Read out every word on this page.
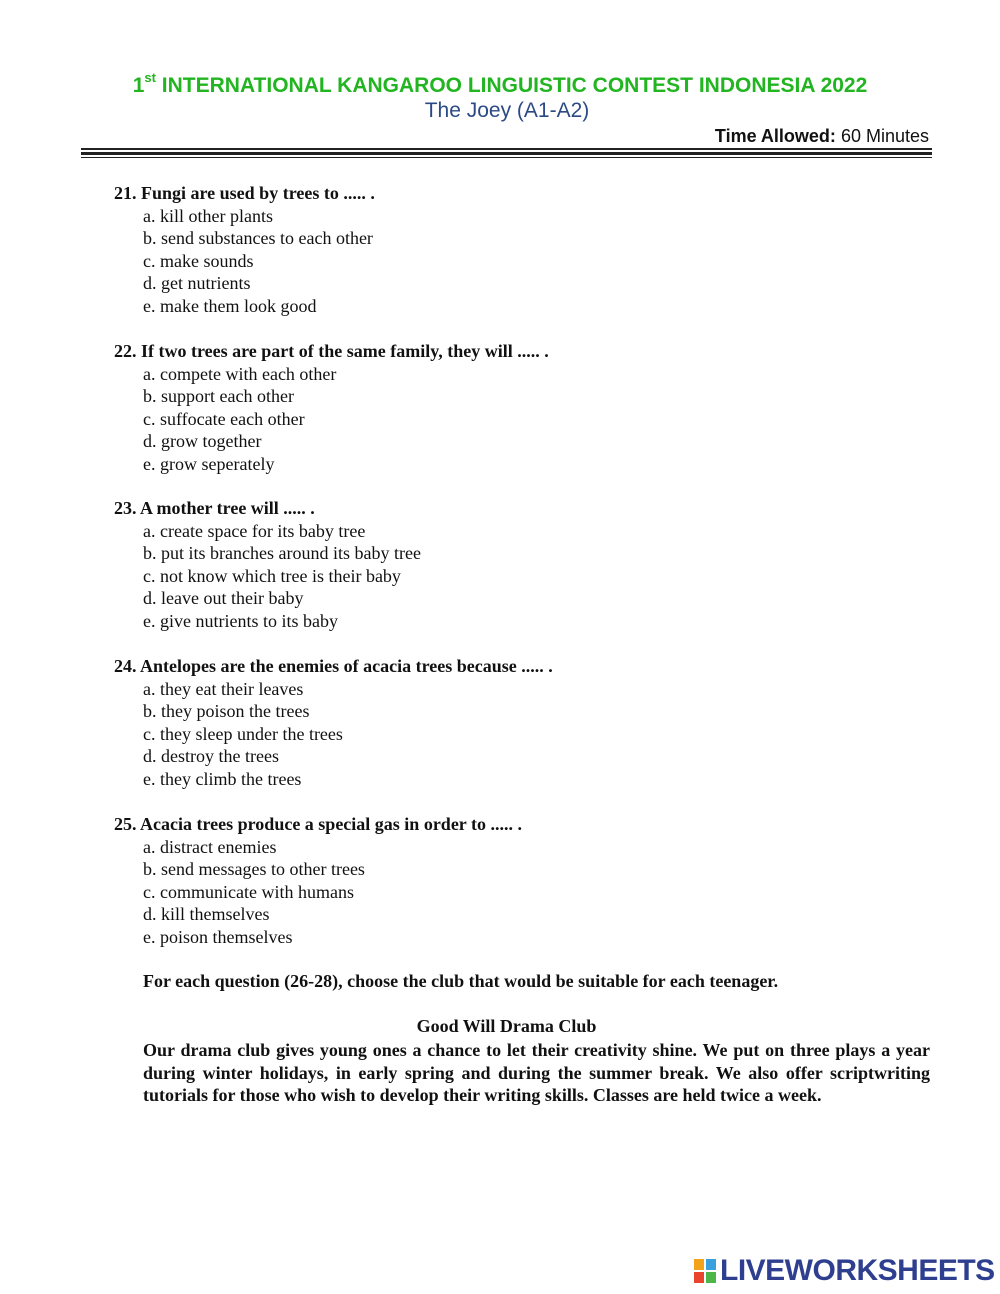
1st INTERNATIONAL KANGAROO LINGUISTIC CONTEST INDONESIA 2022
The Joey (A1-A2)
Time Allowed: 60 Minutes
21. Fungi are used by trees to ..... .
a. kill other plants
b. send substances to each other
c. make sounds
d. get nutrients
e. make them look good
22. If two trees are part of the same family, they will ..... .
a. compete with each other
b. support each other
c. suffocate each other
d. grow together
e. grow seperately
23. A mother tree will ..... .
a. create space for its baby tree
b. put its branches around its baby tree
c. not know which tree is their baby
d. leave out their baby
e. give nutrients to its baby
24. Antelopes are the enemies of acacia trees because ..... .
a. they eat their leaves
b. they poison the trees
c. they sleep under the trees
d. destroy the trees
e. they climb the trees
25. Acacia trees produce a special gas in order to ..... .
a. distract enemies
b. send messages to other trees
c. communicate with humans
d. kill themselves
e. poison themselves
For each question (26-28), choose the club that would be suitable for each teenager.
Good Will Drama Club
Our drama club gives young ones a chance to let their creativity shine. We put on three plays a year during winter holidays, in early spring and during the summer break. We also offer scriptwriting tutorials for those who wish to develop their writing skills. Classes are held twice a week.
LIVEWORKSHEETS
